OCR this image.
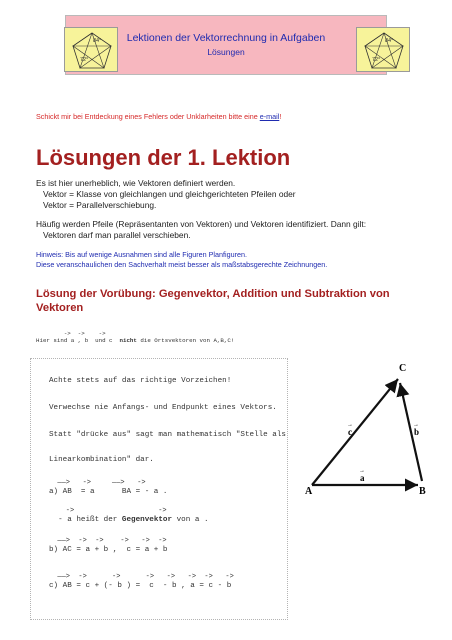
Lektionen der Vektorrechnung in Aufgaben
Lösungen
84°
72°
84°
72°
Schickt mir bei Entdeckung eines Fehlers oder Unklarheiten bitte eine e-mail!
Lösungen der 1. Lektion
Es ist hier unerheblich, wie Vektoren definiert werden.
Vektor = Klasse von gleichlangen und gleichgerichteten Pfeilen oder
Vektor = Parallelverschiebung.
Häufig werden Pfeile (Repräsentanten von Vektoren) und Vektoren identifiziert. Dann gilt:
Vektoren darf man parallel verschieben.
Hinweis: Bis auf wenige Ausnahmen sind alle Figuren Planfiguren.
Diese veranschaulichen den Sachverhalt meist besser als maßstabsgerechte Zeichnungen.
Lösung der Vorübung: Gegenvektor, Addition und Subtraktion von
Vektoren

->  ->    ->
Hier sind a , b  und c  nicht die Ortsvektoren von A,B,C!

Achte stets auf das richtige Vorzeichen!
Verwechse nie Anfangs- und Endpunkt eines Vektors.
Statt "drücke aus" sagt man mathematisch "Stelle als
Linearkombination" dar.
——>   ->     ——>   ->
a) AB  = a      BA = - a .
->                    ->
- a heißt der Gegenvektor von a .
——>  ->  ->    ->   ->  ->
b) AC = a + b ,  c = a + b
——>  ->      ->      ->   ->   ->  ->   ->
c) AB = c + (- b ) =  c  - b , a = c - b
A	B
C
a
→
c
→
b
→
